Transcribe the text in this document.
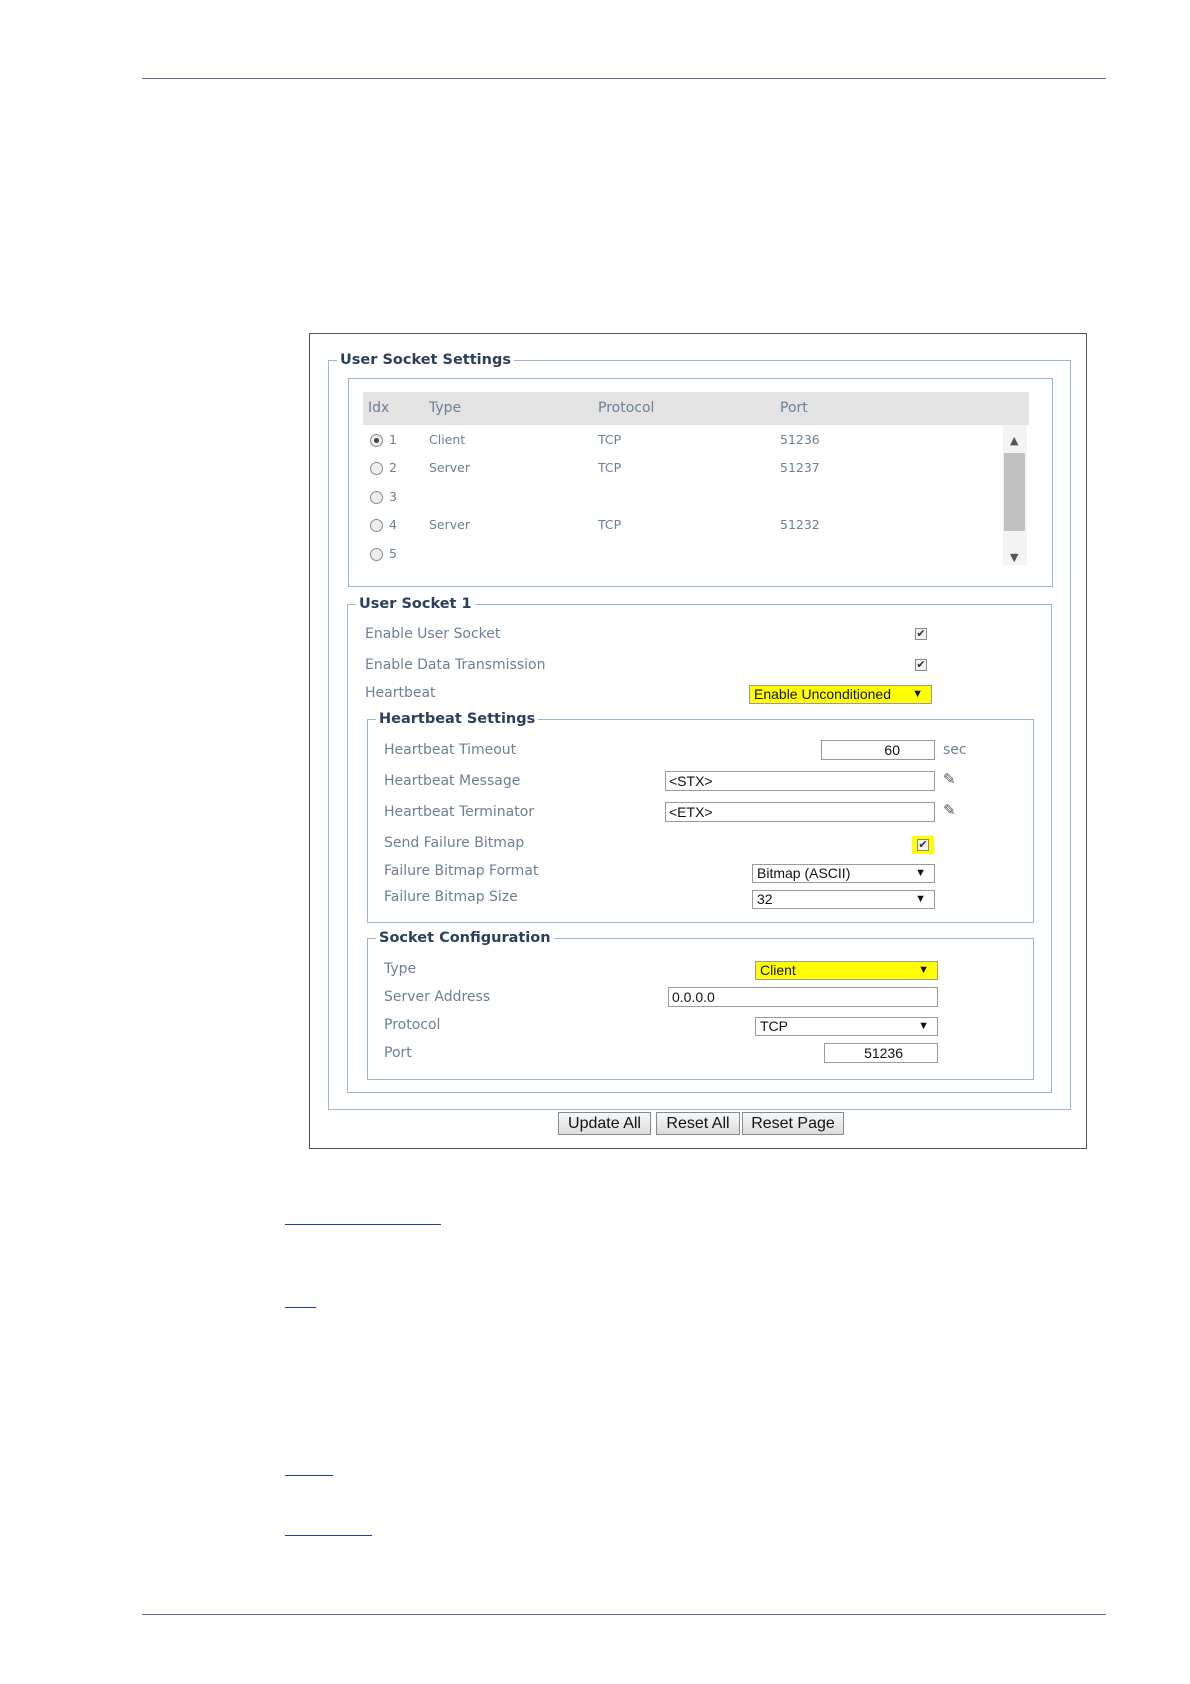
User Socket Settings
Idx	Type	Protocol	Port
1	Client	TCP	51236
2	Server	TCP	51237
3
4	Server	TCP	51232
5
▲
▼
User Socket 1
Enable User Socket	✔
Enable Data Transmission	✔
Heartbeat	Enable Unconditioned ▼
Heartbeat Settings
Heartbeat Timeout	60	sec
Heartbeat Message	<STX>	✎
Heartbeat Terminator	<ETX>	✎
Send Failure Bitmap	✔
Failure Bitmap Format	Bitmap (ASCII)	▼
Failure Bitmap Size	32	▼
Socket Configuration
Type	Client	▼
Server Address	0.0.0.0
Protocol	TCP	▼
Port	51236
Update All	Reset All	Reset Page
